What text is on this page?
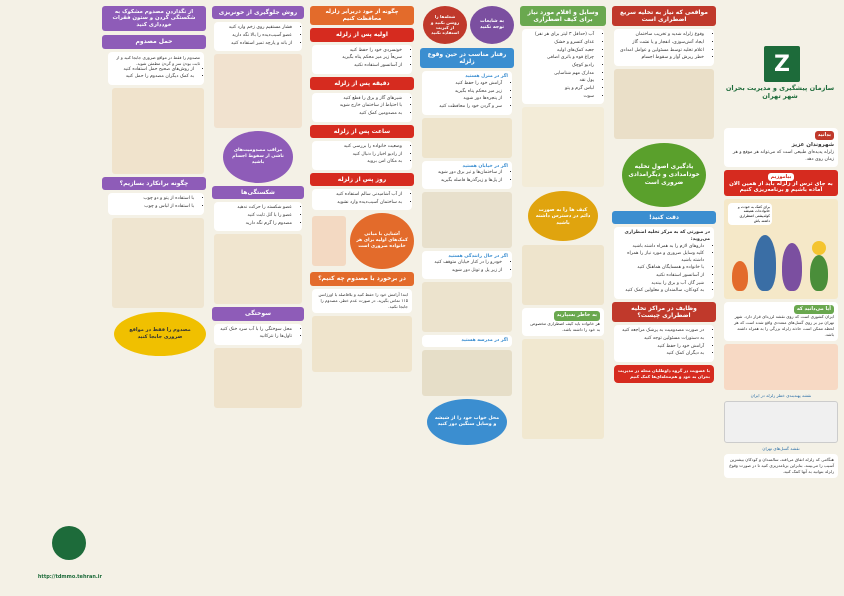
Z
سازمان پیشگیری و مدیریت بحران شهر تهران
بدانيد
شهروندان عزیز
زلزله پدیده‌ای طبیعی است که می‌تواند هر موقع و هر زمان روی دهد.
بیاموزیم
به جای ترس از زلزله باید از همین الان آماده باشیم و برنامه‌ریزی کنیم
برای کمک به خودت و خانواده‌ات همیشه کوله‌پشتی اضطراری داشته باش
آیا می‌دانید که
ایران کشوری است که روی نقشه لرزه‌ای قرار دارد. شهر تهران نیز بر روی گسل‌های متعددی واقع شده است که هر لحظه ممکن است حادثه زلزله بزرگی را به همراه داشته باشد.
نقشه پهنه‌بندی خطر زلزله در ایران
نقشه گسل‌های تهران
هنگامی که زلزله اتفاق می‌افتد، سالمندان و کودکان بیشترین آسیب را می‌بینند. بنابراین برنامه‌ریزی کنید تا در صورت وقوع زلزله بتوانید به آنها کمک کنید.
مواقعی که نیاز به تخلیه سریع اضطراری است
▪ وقوع زلزله شدید و تخریب ساختمان
▪ ایجاد آتش‌سوزی، انفجار و یا نشت گاز
▪ اعلام تخلیه توسط مسئولین و عوامل امدادی
▪ خطر ریزش آوار و سقوط اجسام
یادگیری اصول تخلیه خودامدادی و دیگرامدادی ضروری است
دقت کنید!
در صورتی که به مرکز تخلیه اضطراری می‌روید:
▪ داروهای لازم را به همراه داشته باشید
▪ کلیه وسایل ضروری و مورد نیاز را همراه داشته باشید
▪ با خانواده و همسایگان هماهنگ کنید
▪ از آسانسور استفاده نکنید
▪ شیر گاز، آب و برق را ببندید
▪ به کودکان، سالمندان و معلولین کمک کنید
وظایف در مراکز تخلیه اضطراری چیست؟
▪ در صورت مصدومیت به پزشک مراجعه کنید
▪ به دستورات مسئولین توجه کنید
▪ آرامش خود را حفظ کنید
▪ به دیگران کمک کنید
با عضویت در گروه داوطلبان محله در مدیریت بحران به خود و هم‌محله‌ای‌ها کمک کنیم
وسایل و اقلام مورد نیاز برای کیف اضطراری
▪ آب (حداقل ۳ لیتر برای هر نفر)
▪ غذای کنسرو و خشک
▪ جعبه کمک‌های اولیه
▪ چراغ قوه و باتری اضافی
▪ رادیو کوچک
▪ مدارک مهم شناسایی
▪ پول نقد
▪ لباس گرم و پتو
▪ سوت
کیف ها را به صورت دائم در دسترس داشته باشید
به خاطر بسپارید
هر خانواده باید کیف اضطراری مخصوص به خود را داشته باشد.
به شایعات توجه نکنید
شعله‌ها را روشن نکنید و از کبریت استفاده نکنید
رفتار مناسب در حین وقوع زلزله
اگر در منزل هستید
▪ آرامش خود را حفظ کنید
▪ زیر میز محکم پناه بگیرید
▪ از پنجره‌ها دور شوید
▪ سر و گردن خود را محافظت کنید
اگر در خیابان هستید
▪ از ساختمان‌ها و تیر برق دور شوید
▪ از پل‌ها و زیرگذرها فاصله بگیرید
اگر در حال رانندگی هستید
▪ خودرو را در کنار خیابان متوقف کنید
▪ از زیر پل و تونل دور شوید
اگر در مدرسه هستید
محل خواب خود را از شیشه و وسایل سنگین دور کنید
چگونه از خود دربرابر زلزله محافظت کنیم
اولیه پس از زلزله
▪ خونسردی خود را حفظ کنید
▪ سریعاً زیر میز محکم پناه بگیرید
▪ از آسانسور استفاده نکنید
دقیقه پس از زلزله
▪ شیرهای گاز و برق را قطع کنید
▪ با احتیاط از ساختمان خارج شوید
▪ به مصدومین کمک کنید
ساعت پس از زلزله
▪ وضعیت خانواده را بررسی کنید
▪ از رادیو اخبار را دنبال کنید
▪ به مکان امن بروید
روز پس از زلزله
▪ از آب آشامیدنی سالم استفاده کنید
▪ به ساختمان آسیب‌دیده وارد نشوید
آشنایی با مبانی کمک‌های اولیه برای هر خانواده ضروری است
در برخورد با مصدوم چه کنیم؟
ابتدا آرامش خود را حفظ کنید و بلافاصله با اورژانس ۱۱۵ تماس بگیرید. در صورت عدم خطر، مصدوم را جابجا نکنید.
روش جلوگیری از خونریزی
▪ فشار مستقیم روی زخم وارد کنید
▪ عضو آسیب‌دیده را بالا نگه دارید
▪ از باند و پارچه تمیز استفاده کنید
مراقب مصدومیت‌های ناشی از سقوط اجسام باشید
شکستگی‌ها
▪ عضو شکسته را حرکت ندهید
▪ عضو را با آتل ثابت کنید
▪ مصدوم را گرم نگه دارید
سوختگی
▪ محل سوختگی را با آب سرد خنک کنید
▪ تاول‌ها را نترکانید
از نگذاردن مصدوم مشکوک به شکستگی گردن و ستون فقرات خودداری کنید
حمل مصدوم
مصدوم را فقط در مواقع ضروری جابجا کنید و از ثابت بودن سر و گردن مطمئن شوید.
▪ از روش‌های صحیح حمل استفاده کنید
▪ به کمک دیگران مصدوم را حمل کنید
چگونه برانکارد بسازیم؟
▪ با استفاده از پتو و دو چوب
▪ با استفاده از لباس و چوب
مصدوم را فقط در مواقع ضروری جابجا کنید
http://tdmmo.tehran.ir
